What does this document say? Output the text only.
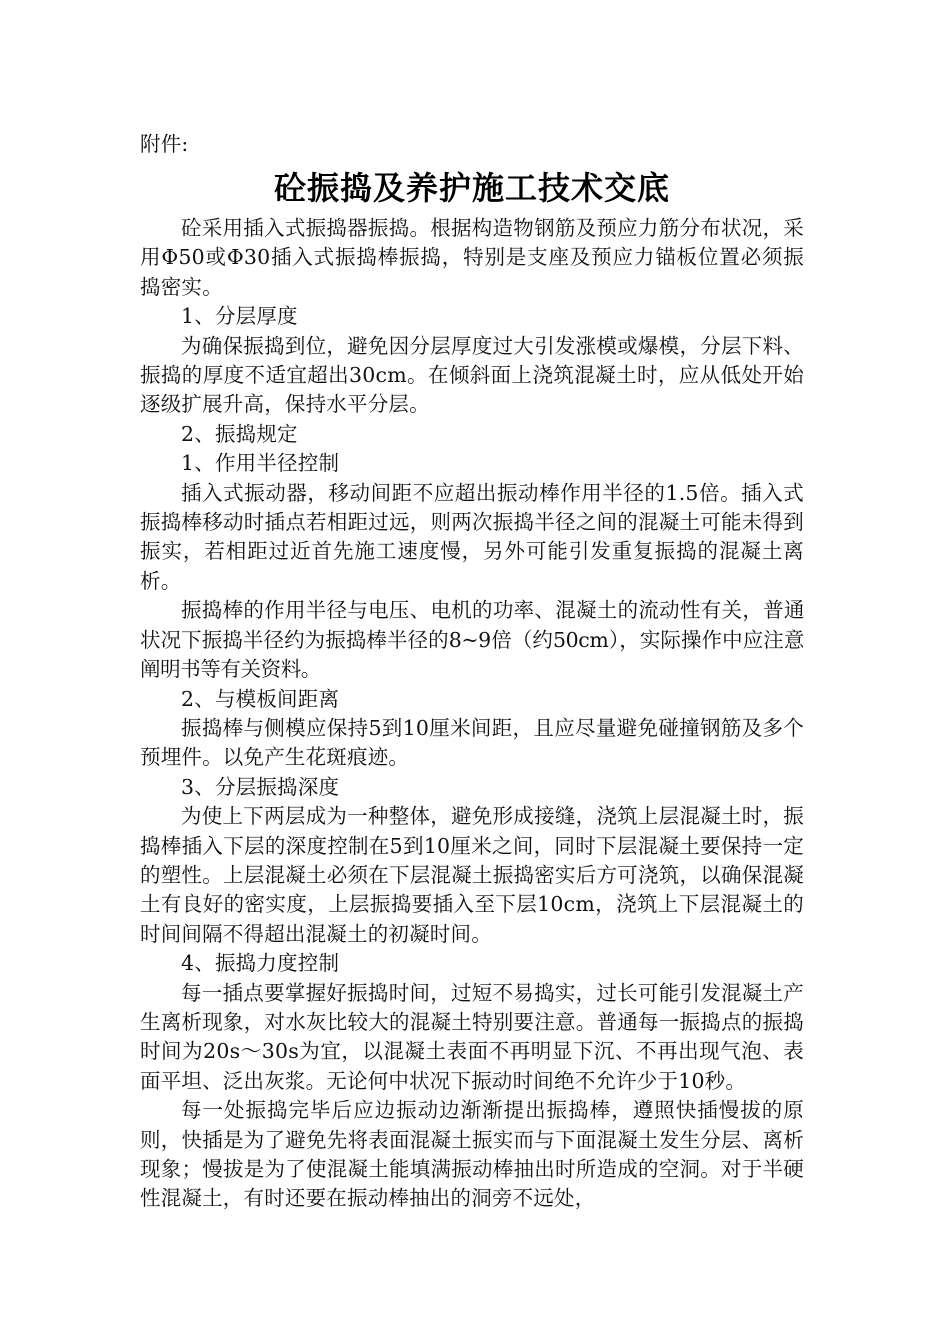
附件:
砼振捣及养护施工技术交底

砼采用插入式振捣器振捣。根据构造物钢筋及预应力筋分布状况，采用Φ50或Φ30插入式振捣棒振捣，特别是支座及预应力锚板位置必须振捣密实。

1、分层厚度

为确保振捣到位，避免因分层厚度过大引发涨模或爆模，分层下料、振捣的厚度不适宜超出30cm。在倾斜面上浇筑混凝土时，应从低处开始逐级扩展升高，保持水平分层。

2、振捣规定

1、作用半径控制

插入式振动器，移动间距不应超出振动棒作用半径的1.5倍。插入式振捣棒移动时插点若相距过远，则两次振捣半径之间的混凝土可能未得到振实，若相距过近首先施工速度慢，另外可能引发重复振捣的混凝土离析。

振捣棒的作用半径与电压、电机的功率、混凝土的流动性有关，普通状况下振捣半径约为振捣棒半径的8~9倍（约50cm），实际操作中应注意阐明书等有关资料。

2、与模板间距离

振捣棒与侧模应保持5到10厘米间距，且应尽量避免碰撞钢筋及多个预埋件。以免产生花斑痕迹。

3、分层振捣深度

为使上下两层成为一种整体，避免形成接缝，浇筑上层混凝土时，振捣棒插入下层的深度控制在5到10厘米之间，同时下层混凝土要保持一定的塑性。上层混凝土必须在下层混凝土振捣密实后方可浇筑，以确保混凝土有良好的密实度，上层振捣要插入至下层10cm，浇筑上下层混凝土的时间间隔不得超出混凝土的初凝时间。

4、振捣力度控制

每一插点要掌握好振捣时间，过短不易捣实，过长可能引发混凝土产生离析现象，对水灰比较大的混凝土特别要注意。普通每一振捣点的振捣时间为20s～30s为宜，以混凝土表面不再明显下沉、不再出现气泡、表面平坦、泛出灰浆。无论何中状况下振动时间绝不允许少于10秒。

每一处振捣完毕后应边振动边渐渐提出振捣棒，遵照快插慢拔的原则，快插是为了避免先将表面混凝土振实而与下面混凝土发生分层、离析现象；慢拔是为了使混凝土能填满振动棒抽出时所造成的空洞。对于半硬性混凝土，有时还要在振动棒抽出的洞旁不远处，
